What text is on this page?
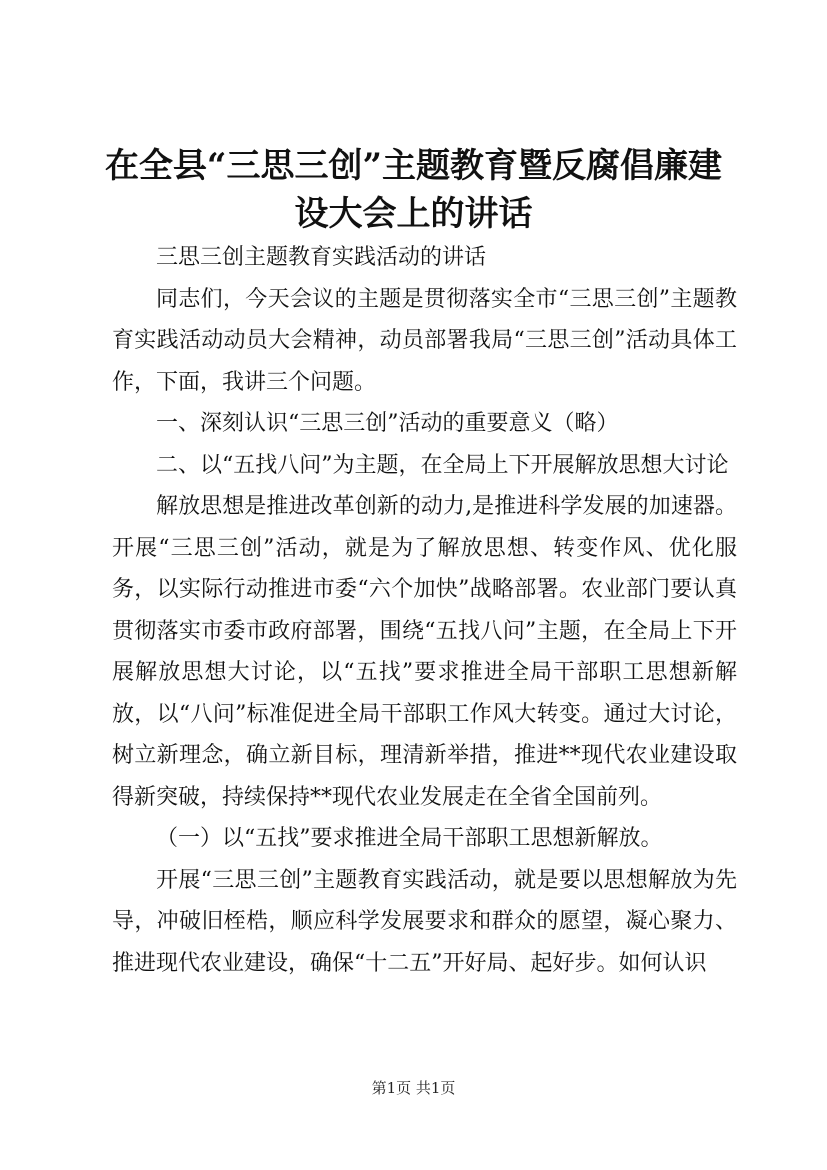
在全县“三思三创”主题教育暨反腐倡廉建设大会上的讲话

三思三创主题教育实践活动的讲话

同志们，今天会议的主题是贯彻落实全市“三思三创”主题教育实践活动动员大会精神，动员部署我局“三思三创”活动具体工作，下面，我讲三个问题。

一、深刻认识“三思三创”活动的重要意义（略）

二、以“五找八问”为主题，在全局上下开展解放思想大讨论

解放思想是推进改革创新的动力,是推进科学发展的加速器。开展“三思三创”活动，就是为了解放思想、转变作风、优化服务，以实际行动推进市委“六个加快”战略部署。农业部门要认真贯彻落实市委市政府部署，围绕“五找八问”主题，在全局上下开展解放思想大讨论，以“五找”要求推进全局干部职工思想新解放，以“八问”标准促进全局干部职工作风大转变。通过大讨论，树立新理念，确立新目标，理清新举措，推进**现代农业建设取得新突破，持续保持**现代农业发展走在全省全国前列。

（一）以“五找”要求推进全局干部职工思想新解放。

开展“三思三创”主题教育实践活动，就是要以思想解放为先导，冲破旧桎梏，顺应科学发展要求和群众的愿望，凝心聚力、推进现代农业建设，确保“十二五”开好局、起好步。如何认识

第1页 共1页
